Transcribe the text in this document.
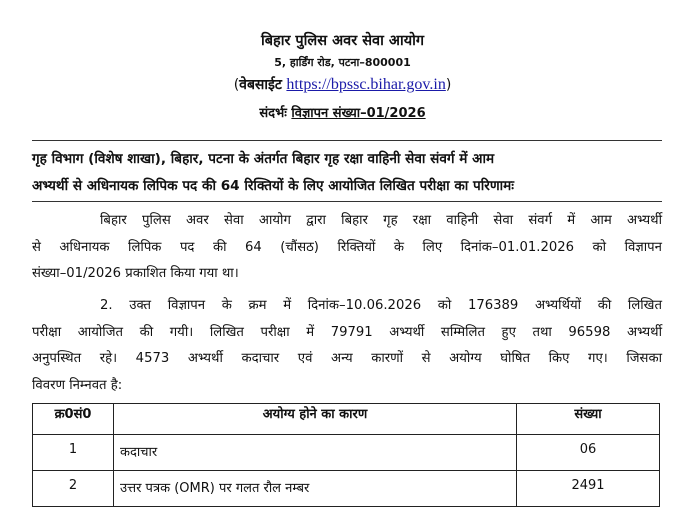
बिहार पुलिस अवर सेवा आयोग
5, हार्डिंग रोड, पटना–800001
(वेबसाईट https://bpssc.bihar.gov.in)
संदर्भः विज्ञापन संख्या–01/2026
गृह विभाग (विशेष शाखा), बिहार, पटना के अंतर्गत बिहार गृह रक्षा वाहिनी सेवा संवर्ग में आम
अभ्यर्थी से अधिनायक लिपिक पद की 64 रिक्तियों के लिए आयोजित लिखित परीक्षा का परिणामः
बिहार पुलिस अवर सेवा आयोग द्वारा बिहार गृह रक्षा वाहिनी सेवा संवर्ग में आम अभ्यर्थी
से अधिनायक लिपिक पद की 64 (चौंसठ) रिक्तियों के लिए दिनांक–01.01.2026 को विज्ञापन
संख्या–01/2026 प्रकाशित किया गया था।
2. उक्त विज्ञापन के क्रम में दिनांक–10.06.2026 को 176389 अभ्यर्थियों की लिखित
परीक्षा आयोजित की गयी। लिखित परीक्षा में 79791 अभ्यर्थी सम्मिलित हुए तथा 96598 अभ्यर्थी
अनुपस्थित रहे। 4573 अभ्यर्थी कदाचार एवं अन्य कारणों से अयोग्य घोषित किए गए। जिसका
विवरण निम्नवत है:
क्र0सं0	अयोग्य होने का कारण	संख्या
1	कदाचार	06
2	उत्तर पत्रक (OMR) पर गलत रौल नम्बर	2491
